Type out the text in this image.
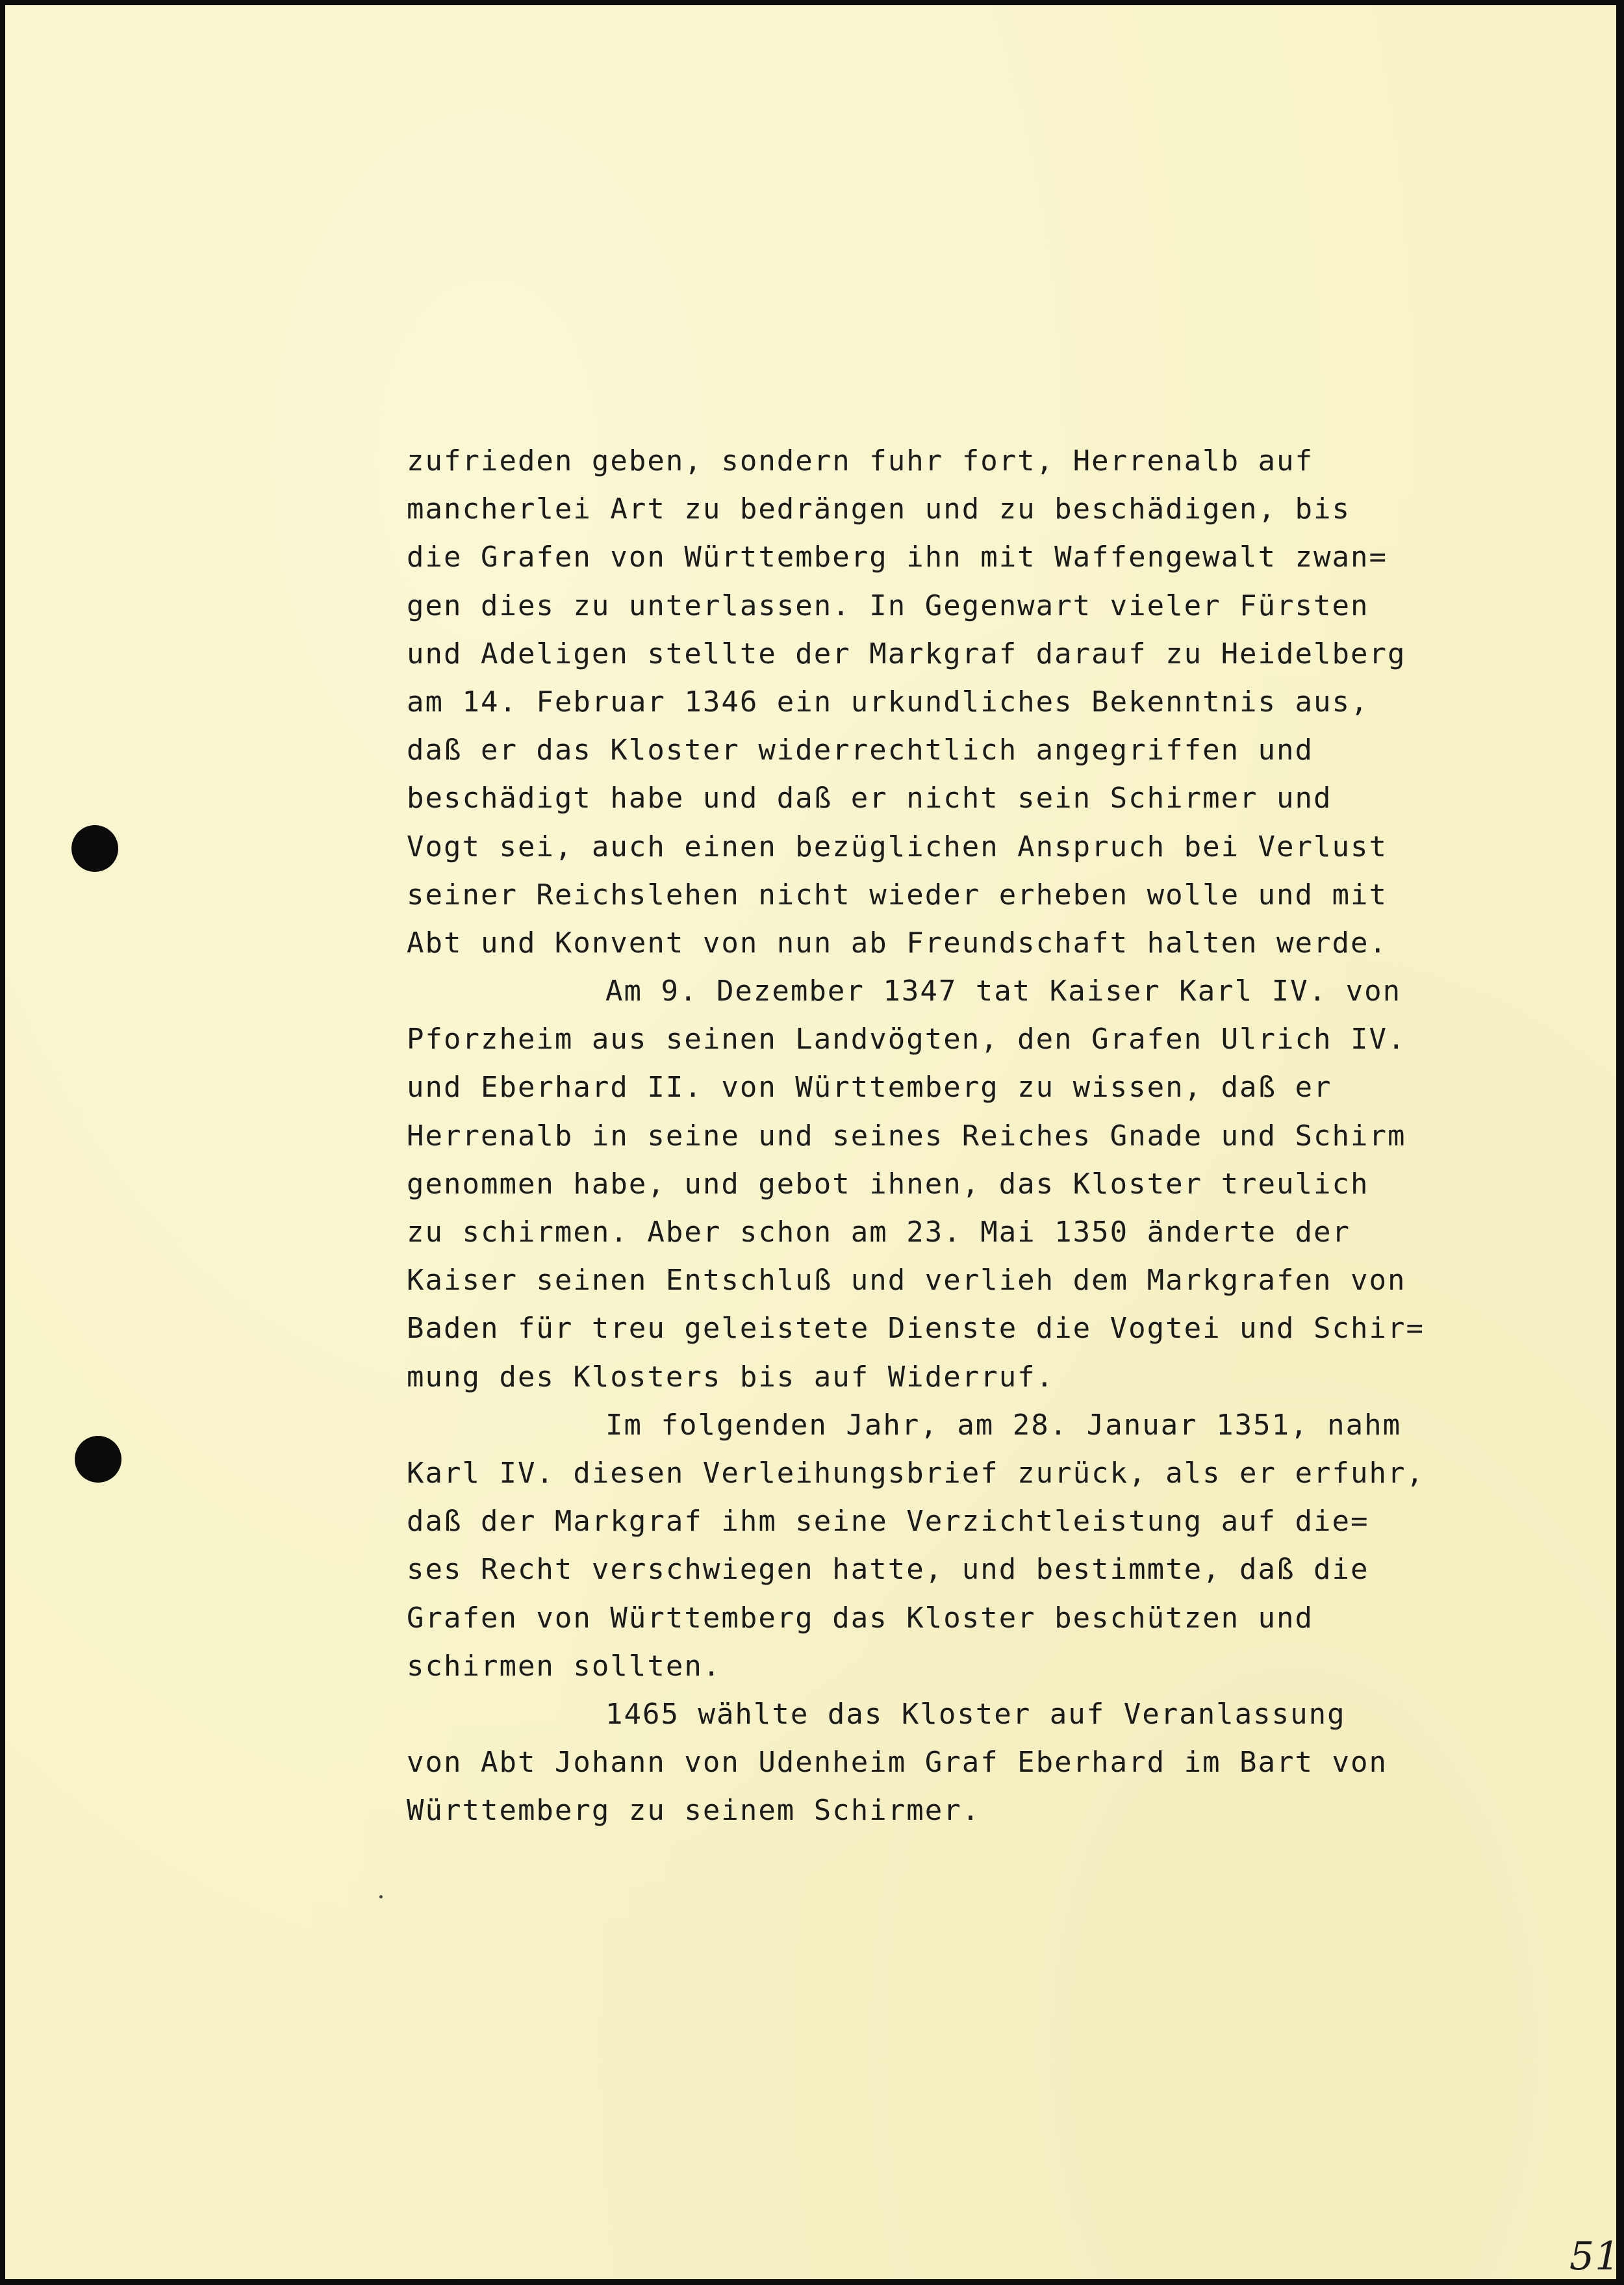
zufrieden geben, sondern fuhr fort, Herrenalb auf
mancherlei Art zu bedrängen und zu beschädigen, bis
die Grafen von Württemberg ihn mit Waffengewalt zwan=
gen dies zu unterlassen. In Gegenwart vieler Fürsten
und Adeligen stellte der Markgraf darauf zu Heidelberg
am 14. Februar 1346 ein urkundliches Bekenntnis aus,
daß er das Kloster widerrechtlich angegriffen und
beschädigt habe und daß er nicht sein Schirmer und
Vogt sei, auch einen bezüglichen Anspruch bei Verlust
seiner Reichslehen nicht wieder erheben wolle und mit
Abt und Konvent von nun ab Freundschaft halten werde.
Am 9. Dezember 1347 tat Kaiser Karl IV. von
Pforzheim aus seinen Landvögten, den Grafen Ulrich IV.
und Eberhard II. von Württemberg zu wissen, daß er
Herrenalb in seine und seines Reiches Gnade und Schirm
genommen habe, und gebot ihnen, das Kloster treulich
zu schirmen. Aber schon am 23. Mai 1350 änderte der
Kaiser seinen Entschluß und verlieh dem Markgrafen von
Baden für treu geleistete Dienste die Vogtei und Schir=
mung des Klosters bis auf Widerruf.
Im folgenden Jahr, am 28. Januar 1351, nahm
Karl IV. diesen Verleihungsbrief zurück, als er erfuhr,
daß der Markgraf ihm seine Verzichtleistung auf die=
ses Recht verschwiegen hatte, und bestimmte, daß die
Grafen von Württemberg das Kloster beschützen und
schirmen sollten.
1465 wählte das Kloster auf Veranlassung
von Abt Johann von Udenheim Graf Eberhard im Bart von
Württemberg zu seinem Schirmer.
51
